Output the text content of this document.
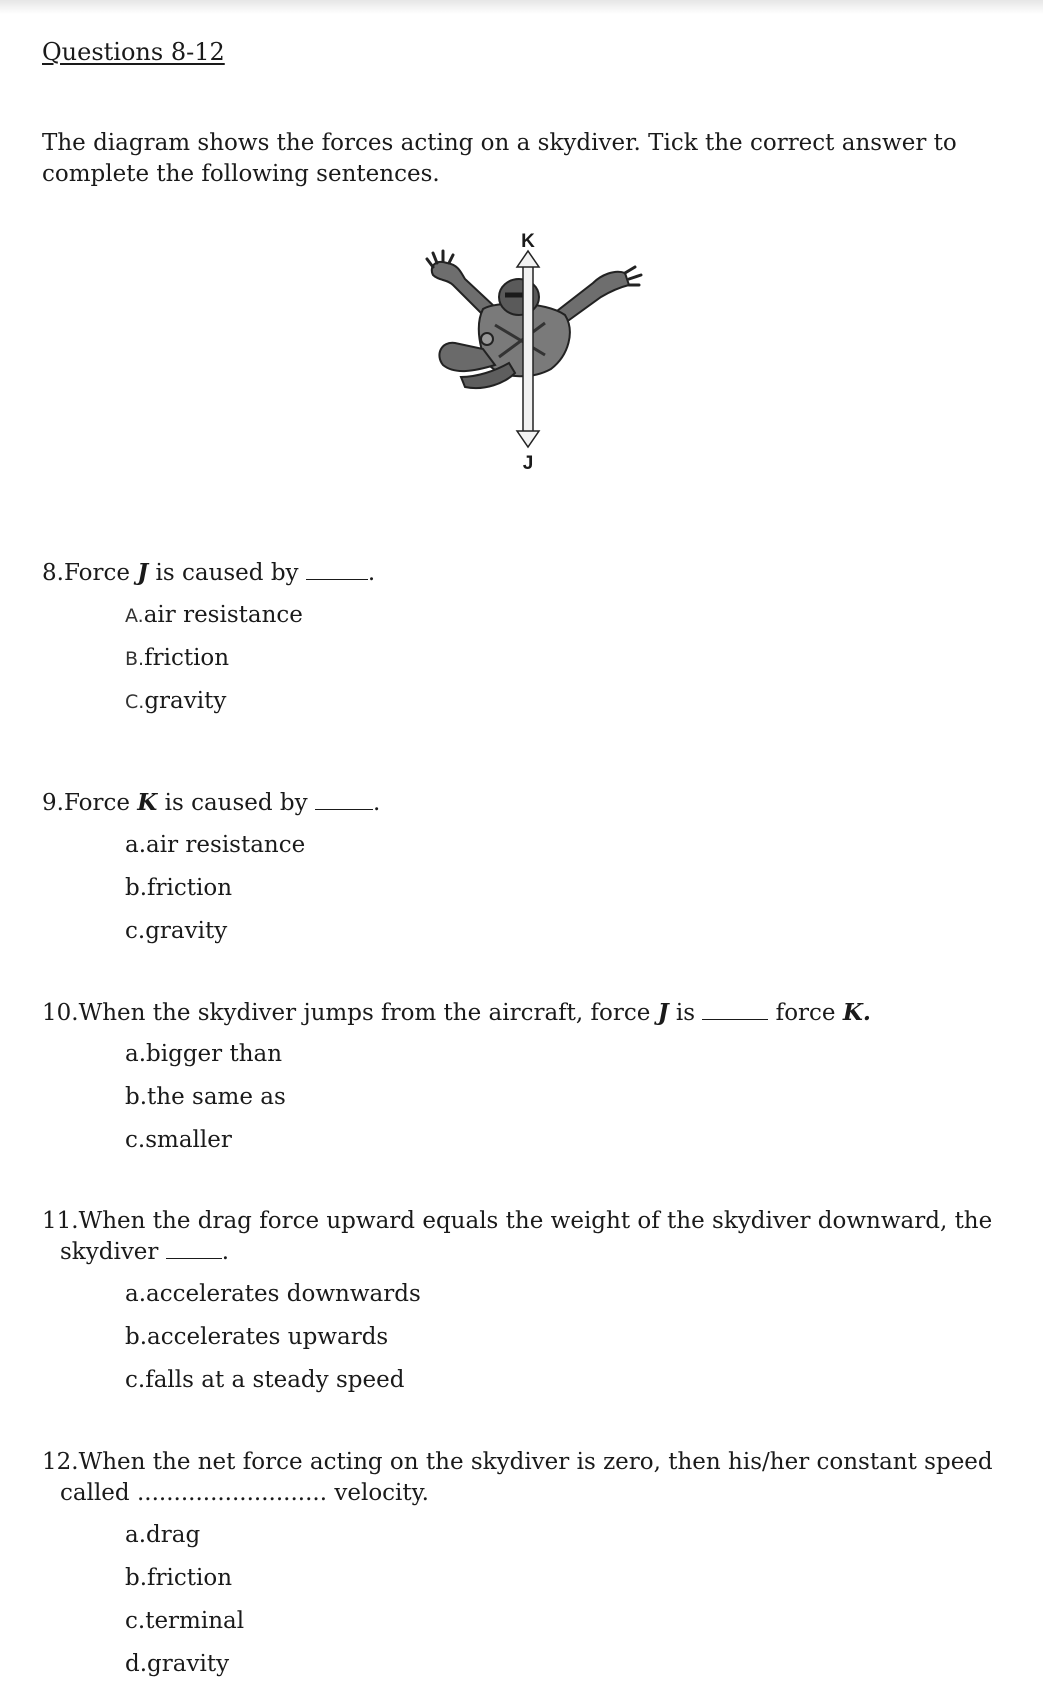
Questions 8-12
The diagram shows the forces acting on a skydiver. Tick the correct answer to complete the following sentences.
K
J
8.Force J is caused by	.
A.air resistance
B.friction
C.gravity
9.Force K is caused by	.
a.air resistance
b.friction
c.gravity
10.When the skydiver jumps from the aircraft, force J is	force K.
a.bigger than
b.the same as
c.smaller
11.When the drag force upward equals the weight of the skydiver downward, the
skydiver .
a.accelerates downwards
b.accelerates upwards
c.falls at a steady speed
12.When the net force acting on the skydiver is zero, then his/her constant speed
called .......................... velocity.
a.drag
b.friction
c.terminal
d.gravity
